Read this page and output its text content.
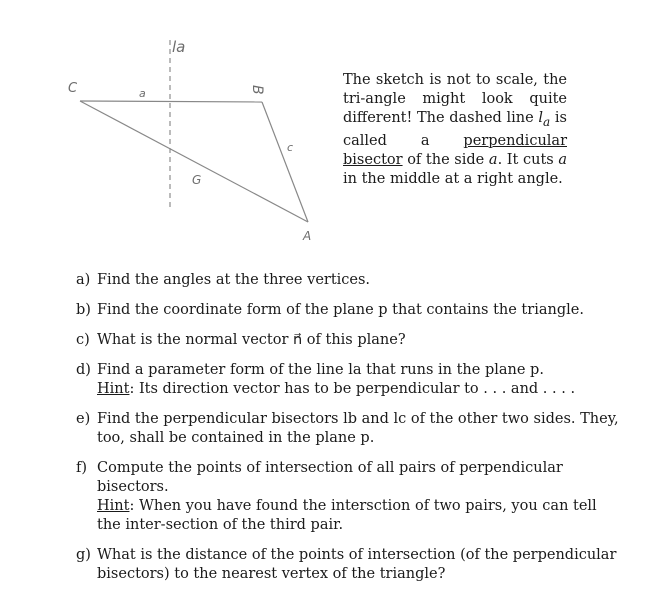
la
a
c
A
B
C
G
The sketch is not to scale, the tri-angle might look quite different! The dashed line $l_a$ is called a perpendicular bisector of the side a. It cuts a in the middle at a right angle.
a) Find the angles at the three vertices.
b) Find the coordinate form of the plane p that contains the triangle.
c) What is the normal vector n⃗ of this plane?
d) Find a parameter form of the line la that runs in the plane p.
Hint: Its direction vector has to be perpendicular to . . . and . . . .
e) Find the perpendicular bisectors lb and lc of the other two sides. They, too, shall be contained in the plane p.
f) Compute the points of intersection of all pairs of perpendicular bisectors.
Hint: When you have found the intersction of two pairs, you can tell the inter-section of the third pair.
g) What is the distance of the points of intersection (of the perpendicular bisectors) to the nearest vertex of the triangle?
